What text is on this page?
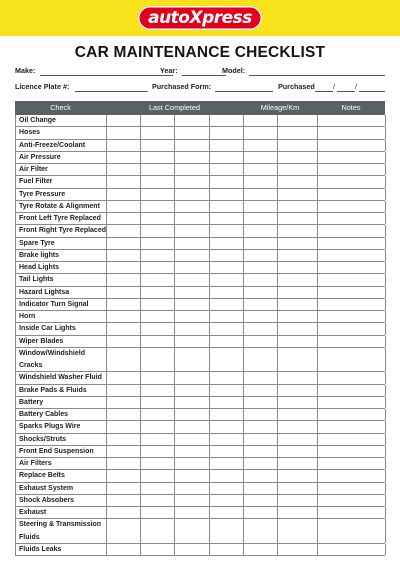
autoXpress
CAR MAINTENANCE CHECKLIST
Make:	Year:	Model:
Licence Plate #:	Purchased Form:	Purchased	/	/
Check	Last Completed	Mileage/Km	Notes
Oil Change
Hoses
Anti-Freeze/Coolant
Air Pressure
Air Filter
Fuel Filter
Tyre Pressure
Tyre Rotate & Alignment
Front Left Tyre Replaced
Front Right Tyre Replaced
Spare Tyre
Brake lights
Head Lights
Tail Lights
Hazard Lightsa
Indicator Turn Signal
Horn
Inside Car Lights
Wiper Blades
Window/Windshield
Cracks
Windshield Washer Fluid
Brake Pads & Fluids
Battery
Battery Cables
Sparks Plugs Wire
Shocks/Struts
Front End Suspension
Air Filters
Replace Belts
Exhaust System
Shock Absobers
Exhaust
Steering & Transmission
Fluids
Fluids Leaks
